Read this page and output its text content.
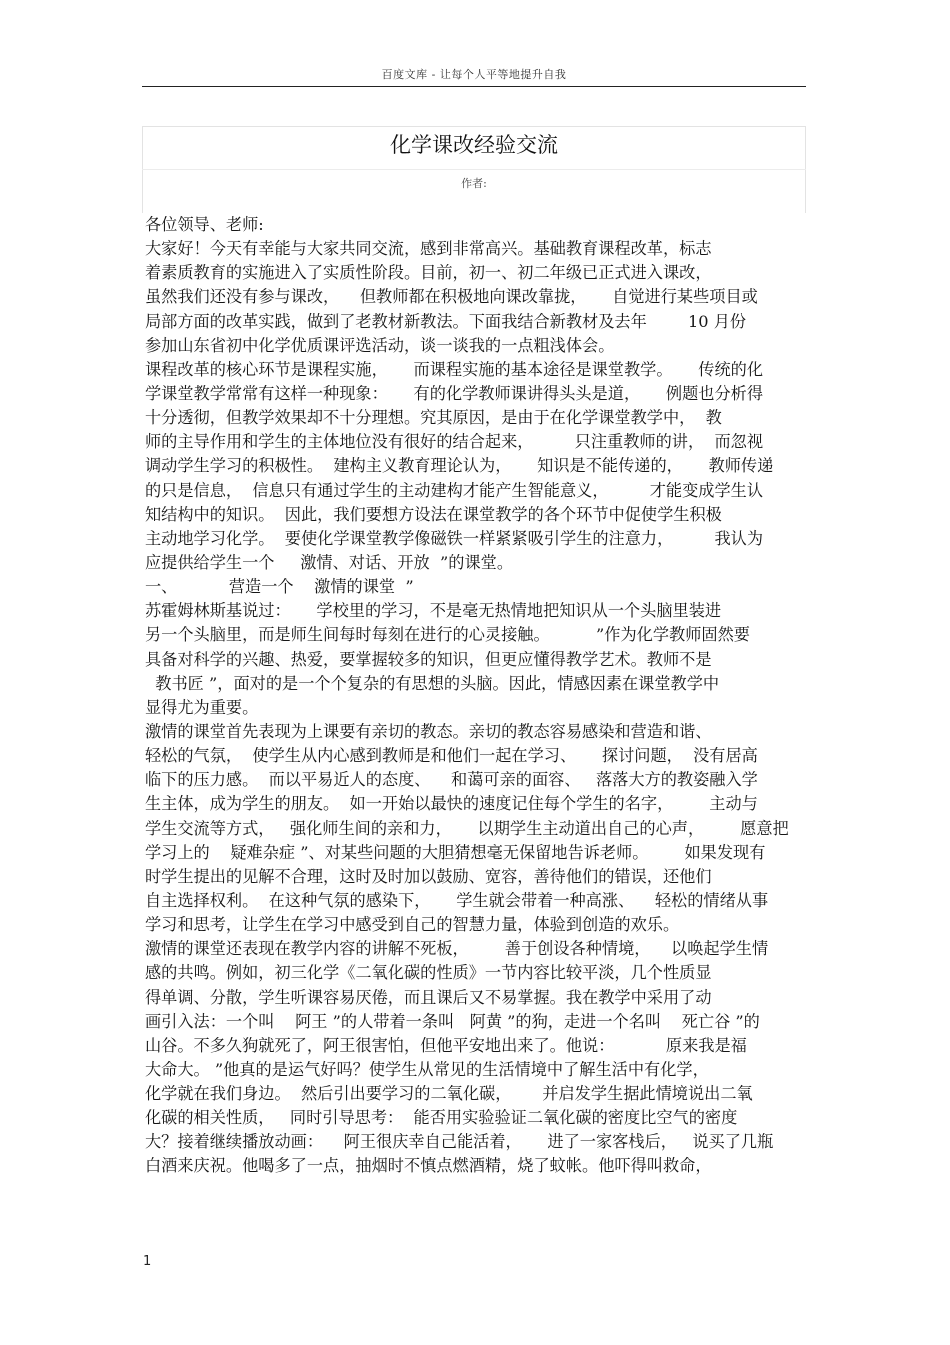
百度文库 - 让每个人平等地提升自我
化学课改经验交流
作者:
各位领导、老师:
大家好！今天有幸能与大家共同交流，感到非常高兴。基础教育课程改革，标志
着素质教育的实施进入了实质性阶段。目前，初一、初二年级已正式进入课改，
虽然我们还没有参与课改，    但教师都在积极地向课改靠拢，     自觉进行某些项目或
局部方面的改革实践，做到了老教材新教法。下面我结合新教材及去年        10 月份
参加山东省初中化学优质课评选活动，谈一谈我的一点粗浅体会。
课程改革的核心环节是课程实施，     而课程实施的基本途径是课堂教学。     传统的化
学课堂教学常常有这样一种现象：     有的化学教师课讲得头头是道，     例题也分析得
十分透彻，但教学效果却不十分理想。究其原因，是由于在化学课堂教学中，  教
师的主导作用和学生的主体地位没有很好的结合起来，        只注重教师的讲，  而忽视
调动学生学习的积极性。  建构主义教育理论认为，     知识是不能传递的，     教师传递
的只是信息，  信息只有通过学生的主动建构才能产生智能意义，        才能变成学生认
知结构中的知识。  因此，我们要想方设法在课堂教学的各个环节中促使学生积极
主动地学习化学。  要使化学课堂教学像磁铁一样紧紧吸引学生的注意力，        我认为
应提供给学生一个     激情、对话、开放  ”的课堂。
一、          营造一个    激情的课堂  ”
苏霍姆林斯基说过：     学校里的学习，不是毫无热情地把知识从一个头脑里装进
另一个头脑里，而是师生间每时每刻在进行的心灵接触。         ”作为化学教师固然要
具备对科学的兴趣、热爱，要掌握较多的知识，但更应懂得教学艺术。教师不是
教书匠 ”，面对的是一个个复杂的有思想的头脑。因此，情感因素在课堂教学中
显得尤为重要。
激情的课堂首先表现为上课要有亲切的教态。亲切的教态容易感染和营造和谐、
轻松的气氛，  使学生从内心感到教师是和他们一起在学习、     探讨问题，  没有居高
临下的压力感。  而以平易近人的态度、    和蔼可亲的面容、   落落大方的教姿融入学
生主体，成为学生的朋友。  如一开始以最快的速度记住每个学生的名字，       主动与
学生交流等方式，   强化师生间的亲和力，     以期学生主动道出自己的心声，       愿意把
学习上的    疑难杂症 ”、对某些问题的大胆猜想毫无保留地告诉老师。       如果发现有
时学生提出的见解不合理，这时及时加以鼓励、宽容，善待他们的错误，还他们
自主选择权利。  在这种气氛的感染下，     学生就会带着一种高涨、    轻松的情绪从事
学习和思考，让学生在学习中感受到自己的智慧力量，体验到创造的欢乐。
激情的课堂还表现在教学内容的讲解不死板，       善于创设各种情境，    以唤起学生情
感的共鸣。例如，初三化学《二氧化碳的性质》一节内容比较平淡，几个性质显
得单调、分散，学生听课容易厌倦，而且课后又不易掌握。我在教学中采用了动
画引入法：一个叫    阿王 ”的人带着一条叫   阿黄 ”的狗，走进一个名叫    死亡谷 ”的
山谷。不多久狗就死了，阿王很害怕，但他平安地出来了。他说：          原来我是福
大命大。 ”他真的是运气好吗？使学生从常见的生活情境中了解生活中有化学，
化学就在我们身边。  然后引出要学习的二氧化碳，      并启发学生据此情境说出二氧
化碳的相关性质，   同时引导思考：  能否用实验验证二氧化碳的密度比空气的密度
大？接着继续播放动画：    阿王很庆幸自己能活着，     进了一家客栈后，   说买了几瓶
白酒来庆祝。他喝多了一点，抽烟时不慎点燃酒精，烧了蚊帐。他吓得叫救命，
1
